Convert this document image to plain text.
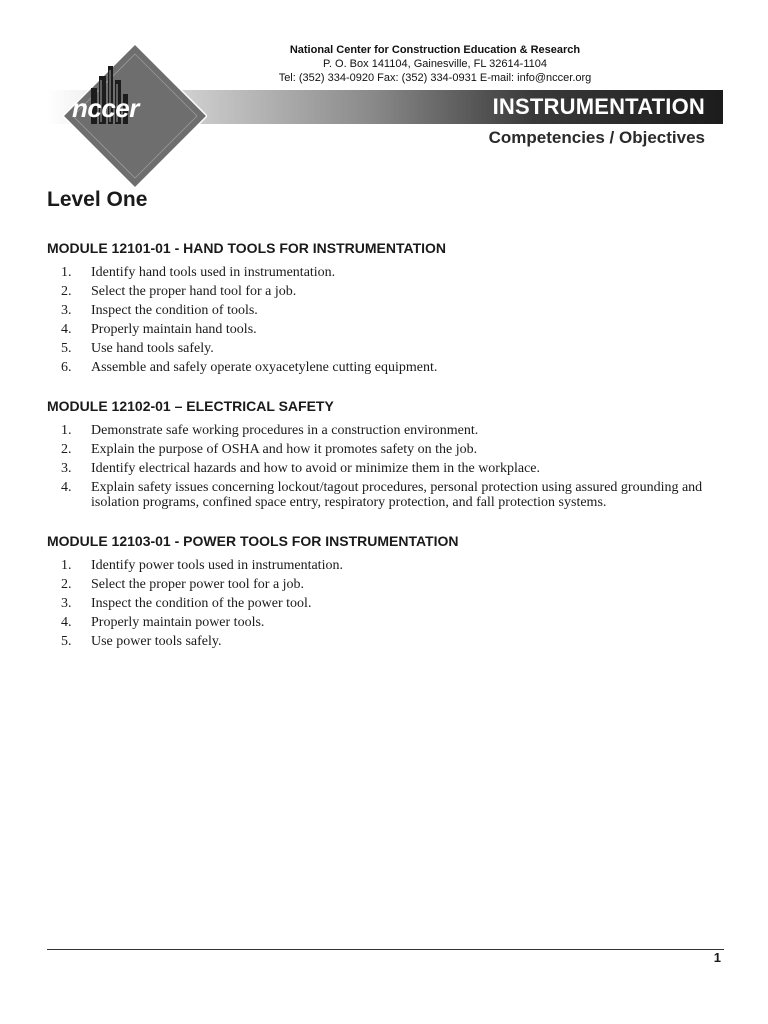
National Center for Construction Education & Research
P. O. Box 141104, Gainesville, FL 32614-1104
Tel: (352) 334-0920 Fax: (352) 334-0931 E-mail: info@nccer.org
INSTRUMENTATION
Competencies / Objectives
nccer
Level One
MODULE 12101-01 - HAND TOOLS FOR INSTRUMENTATION
1. Identify hand tools used in instrumentation.
2. Select the proper hand tool for a job.
3. Inspect the condition of tools.
4. Properly maintain hand tools.
5. Use hand tools safely.
6. Assemble and safely operate oxyacetylene cutting equipment.
MODULE 12102-01 – ELECTRICAL SAFETY
1. Demonstrate safe working procedures in a construction environment.
2. Explain the purpose of OSHA and how it promotes safety on the job.
3. Identify electrical hazards and how to avoid or minimize them in the workplace.
4. Explain safety issues concerning lockout/tagout procedures, personal protection using assured grounding and isolation programs, confined space entry, respiratory protection, and fall protection systems.
MODULE 12103-01 - POWER TOOLS FOR INSTRUMENTATION
1. Identify power tools used in instrumentation.
2. Select the proper power tool for a job.
3. Inspect the condition of the power tool.
4. Properly maintain power tools.
5. Use power tools safely.
1
